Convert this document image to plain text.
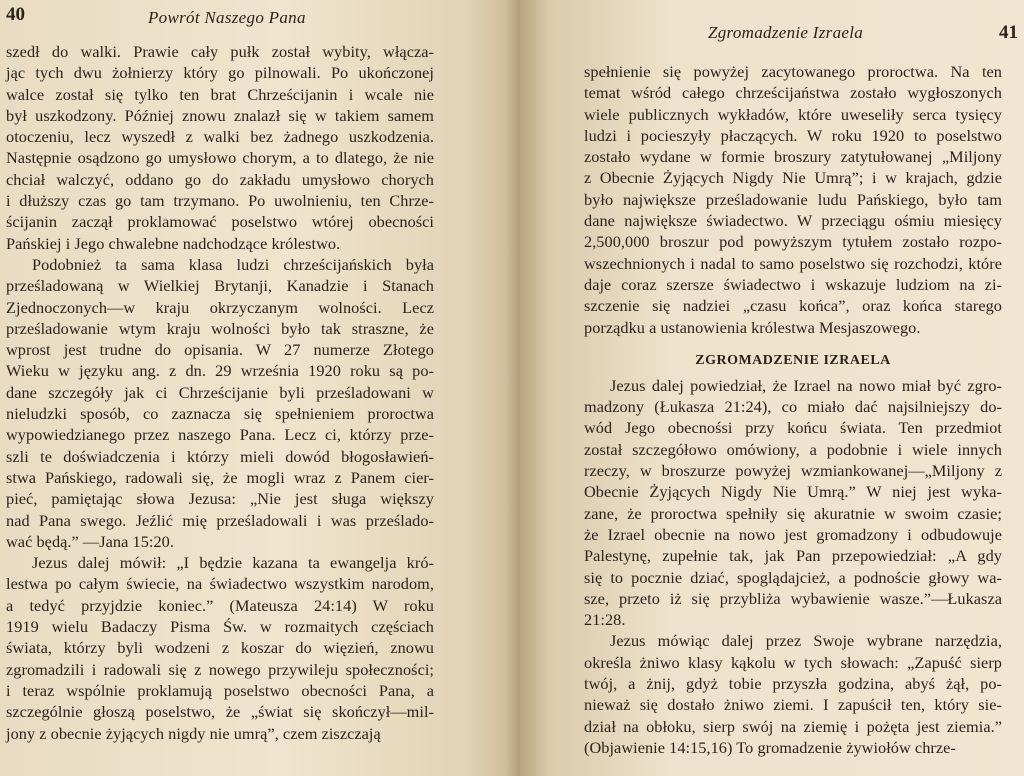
40	Powrót Naszego Pana
szedł do walki. Prawie cały pułk został wybity, włącza-
jąc tych dwu żołnierzy który go pilnowali. Po ukończonej
walce został się tylko ten brat Chrześcijanin i wcale nie
był uszkodzony. Później znowu znalazł się w takiem samem
otoczeniu, lecz wyszedł z walki bez żadnego uszkodzenia.
Następnie osądzono go umysłowo chorym, a to dlatego, że nie
chciał walczyć, oddano go do zakładu umysłowo chorych
i dłuższy czas go tam trzymano. Po uwolnieniu, ten Chrze-
ścijanin zaczął proklamować poselstwo wtórej obecności
Pańskiej i Jego chwalebne nadchodzące królestwo.
Podobnież ta sama klasa ludzi chrześcijańskich była
prześladowaną w Wielkiej Brytanji, Kanadzie i Stanach
Zjednoczonych—w kraju okrzyczanym wolności. Lecz
prześladowanie wtym kraju wolności było tak straszne, że
wprost jest trudne do opisania. W 27 numerze Złotego
Wieku w języku ang. z dn. 29 września 1920 roku są po-
dane szczegóły jak ci Chrześcijanie byli prześladowani w
nieludzki sposób, co zaznacza się spełnieniem proroctwa
wypowiedzianego przez naszego Pana. Lecz ci, którzy prze-
szli te doświadczenia i którzy mieli dowód błogosławień-
stwa Pańskiego, radowali się, że mogli wraz z Panem cier-
pieć, pamiętając słowa Jezusa: „Nie jest sługa większy
nad Pana swego. Jeźlić mię prześladowali i was prześlado-
wać będą.” —Jana 15:20.
Jezus dalej mówił: „I będzie kazana ta ewangelja kró-
lestwa po całym świecie, na świadectwo wszystkim narodom,
a tedyć przyjdzie koniec.” (Mateusza 24:14) W roku
1919 wielu Badaczy Pisma Św. w rozmaitych częściach
świata, którzy byli wodzeni z koszar do więzień, znowu
zgromadzili i radowali się z nowego przywileju społeczności;
i teraz wspólnie proklamują poselstwo obecności Pana, a
szczególnie głoszą poselstwo, że „świat się skończył—mil-
jony z obecnie żyjących nigdy nie umrą”, czem ziszczają
41
Zgromadzenie Izraela
spełnienie się powyżej zacytowanego proroctwa. Na ten
temat wśród całego chrześcijaństwa zostało wygłoszonych
wiele publicznych wykładów, które uweseliły serca tysięcy
ludzi i pocieszyły płaczących. W roku 1920 to poselstwo
zostało wydane w formie broszury zatytułowanej „Miljony
z Obecnie Żyjących Nigdy Nie Umrą”; i w krajach, gdzie
było największe prześladowanie ludu Pańskiego, było tam
dane największe świadectwo. W przeciągu ośmiu miesięcy
2,500,000 broszur pod powyższym tytułem zostało rozpo-
wszechnionych i nadal to samo poselstwo się rozchodzi, które
daje coraz szersze świadectwo i wskazuje ludziom na zi-
szczenie się nadziei „czasu końca”, oraz końca starego
porządku a ustanowienia królestwa Mesjaszowego.
ZGROMADZENIE IZRAELA
Jezus dalej powiedział, że Izrael na nowo miał być zgro-
madzony (Łukasza 21:24), co miało dać najsilniejszy do-
wód Jego obecnośsi przy końcu świata. Ten przedmiot
został szczegółowo omówiony, a podobnie i wiele innych
rzeczy, w broszurze powyżej wzmiankowanej—„Miljony z
Obecnie Żyjących Nigdy Nie Umrą.” W niej jest wyka-
zane, że proroctwa spełniły się akuratnie w swoim czasie;
że Izrael obecnie na nowo jest gromadzony i odbudowuje
Palestynę, zupełnie tak, jak Pan przepowiedział: „A gdy
się to pocznie dziać, spoglądajcież, a podnoście głowy wa-
sze, przeto iż się przybliża wybawienie wasze.”—Łukasza
21:28.
Jezus mówiąc dalej przez Swoje wybrane narzędzia,
określa żniwo klasy kąkolu w tych słowach: „Zapuść sierp
twój, a żnij, gdyż tobie przyszła godzina, abyś żął, po-
nieważ się dostało żniwo ziemi. I zapuścił ten, który sie-
dział na obłoku, sierp swój na ziemię i pożęta jest ziemia.”
(Objawienie 14:15,16) To gromadzenie żywiołów chrze-
